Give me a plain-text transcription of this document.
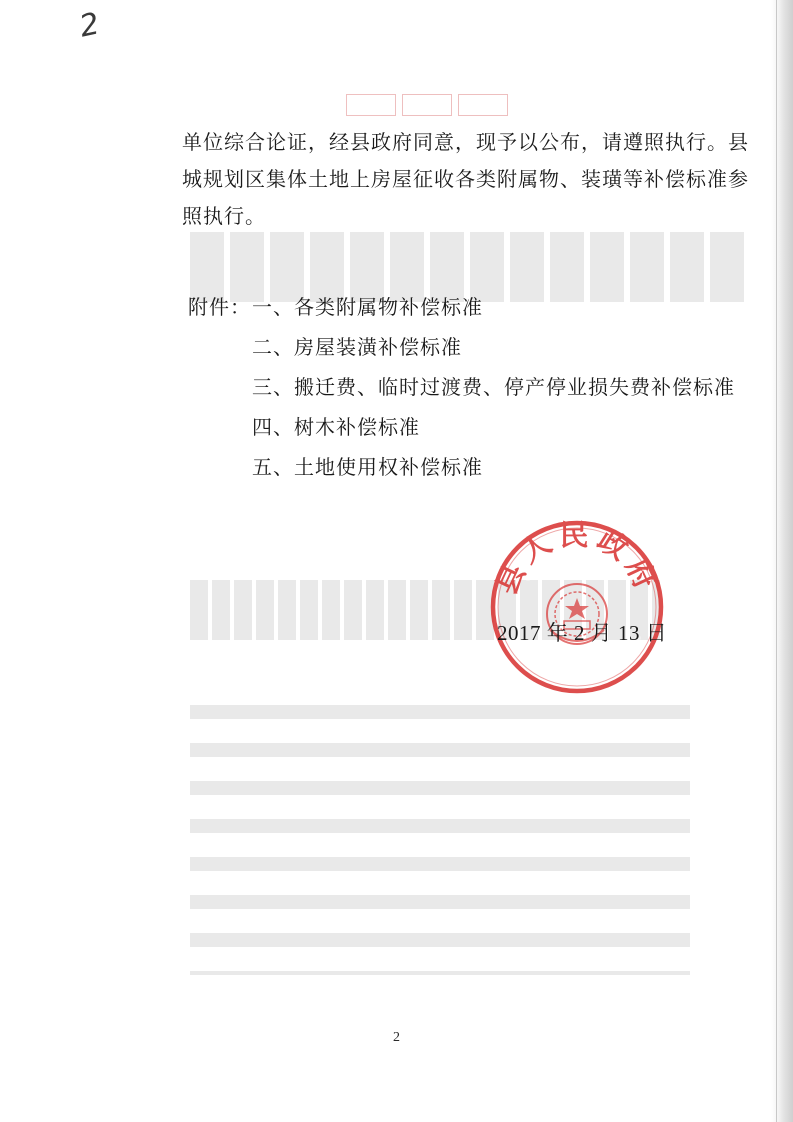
2

单位综合论证，经县政府同意，现予以公布，请遵照执行。县

城规划区集体土地上房屋征收各类附属物、装璜等补偿标准参

照执行。

附件： 一、各类附属物补偿标准
二、房屋装潢补偿标准
三、搬迁费、临时过渡费、停产停业损失费补偿标准
四、树木补偿标准
五、土地使用权补偿标准
县人民政府
2017 年 2 月 13 日
2
